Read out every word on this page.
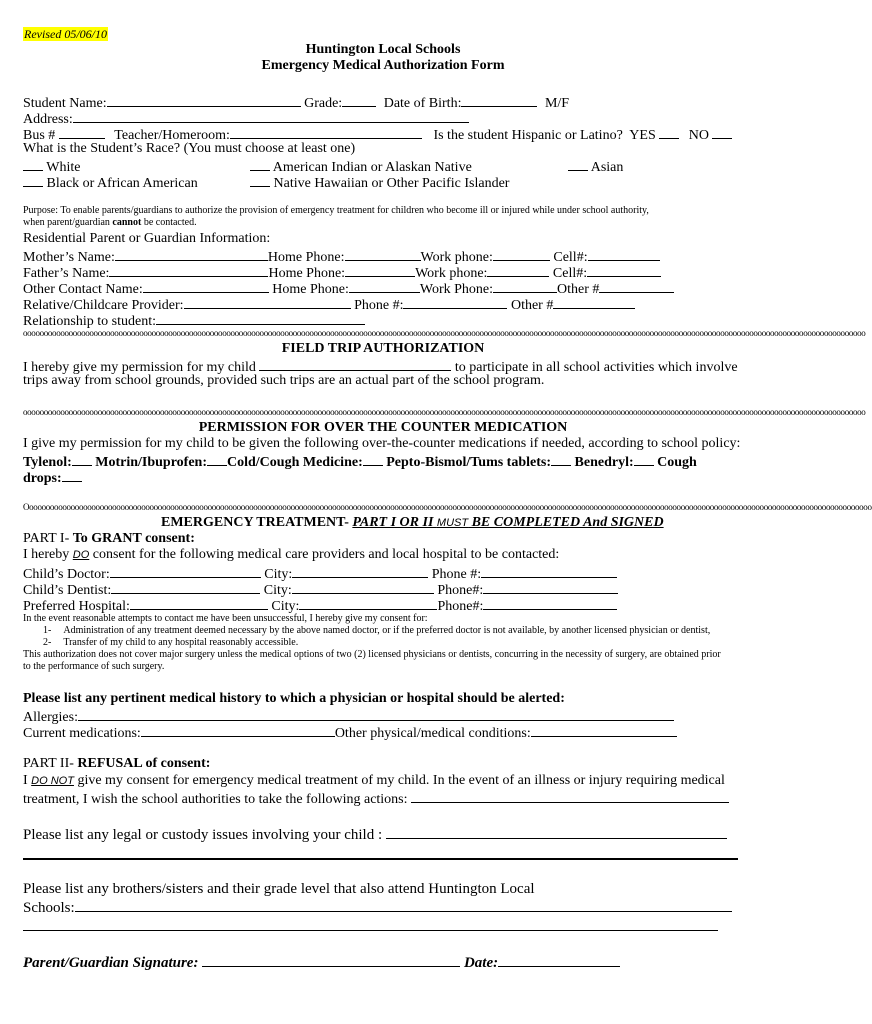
Revised 05/06/10
Huntington Local Schools
Emergency Medical Authorization Form
Student Name:	Grade:	Date of Birth:	M/F
Address:
Bus #	Teacher/Homeroom:	Is the student Hispanic or Latino? YES NO
What is the Student’s Race? (You must choose at least one)
White	American Indian or Alaskan Native	Asian
Black or African American	Native Hawaiian or Other Pacific Islander
Purpose: To enable parents/guardians to authorize the provision of emergency treatment for children who become ill or injured while under school authority,
when parent/guardian cannot be contacted.
Residential Parent or Guardian Information:
Mother’s Name:	Home Phone:	Work phone:	Cell#:
Father’s Name:	Home Phone:	Work phone:	Cell#:
Other Contact Name:	Home Phone:	Work Phone:	Other #
Relative/Childcare Provider:	Phone #:	Other #
Relationship to student:
ooooooooooooooooooooooooooooooooooooooooooooooooooooooooooooooooooooooooooooooooooooooooooooooooooooooooooooooooooooooooooooooooooooooooooooooooooooooooooooooooooooooooooooooooooooooooooooooooooooooooooo
FIELD TRIP AUTHORIZATION
I hereby give my permission for my child	to participate in all school activities which involve
trips away from school grounds, provided such trips are an actual part of the school program.
ooooooooooooooooooooooooooooooooooooooooooooooooooooooooooooooooooooooooooooooooooooooooooooooooooooooooooooooooooooooooooooooooooooooooooooooooooooooooooooooooooooooooooooooooooooooooooooooooooooooooooo
PERMISSION FOR OVER THE COUNTER MEDICATION
I give my permission for my child to be given the following over-the-counter medications if needed, according to school policy:
Tylenol: Motrin/Ibuprofen: Cold/Cough Medicine: Pepto-Bismol/Tums tablets: Benedryl: Cough
drops:
Oooooooooooooooooooooooooooooooooooooooooooooooooooooooooooooooooooooooooooooooooooooooooooooooooooooooooooooooooooooooooooooooooooooooooooooooooooooooooooooooooooooooooooooooooooooooooooooooooooooooooooo
EMERGENCY TREATMENT- PART I OR II MUST BE COMPLETED And SIGNED
PART I- To GRANT consent:
I hereby DO consent for the following medical care providers and local hospital to be contacted:
Child’s Doctor:	City:	Phone #:
Child’s Dentist:	City:	Phone#:
Preferred Hospital:	City:	Phone#:
In the event reasonable attempts to contact me have been unsuccessful, I hereby give my consent for:
1- Administration of any treatment deemed necessary by the above named doctor, or if the preferred doctor is not available, by another licensed physician or dentist,
2- Transfer of my child to any hospital reasonably accessible.
This authorization does not cover major surgery unless the medical options of two (2) licensed physicians or dentists, concurring in the necessity of surgery, are obtained prior
to the performance of such surgery.
Please list any pertinent medical history to which a physician or hospital should be alerted:
Allergies:
Current medications:	Other physical/medical conditions:
PART II- REFUSAL of consent:
I DO NOT give my consent for emergency medical treatment of my child. In the event of an illness or injury requiring medical
treatment, I wish the school authorities to take the following actions:
Please list any legal or custody issues involving your child :
Please list any brothers/sisters and their grade level that also attend Huntington Local
Schools:
Parent/Guardian Signature:	Date:
